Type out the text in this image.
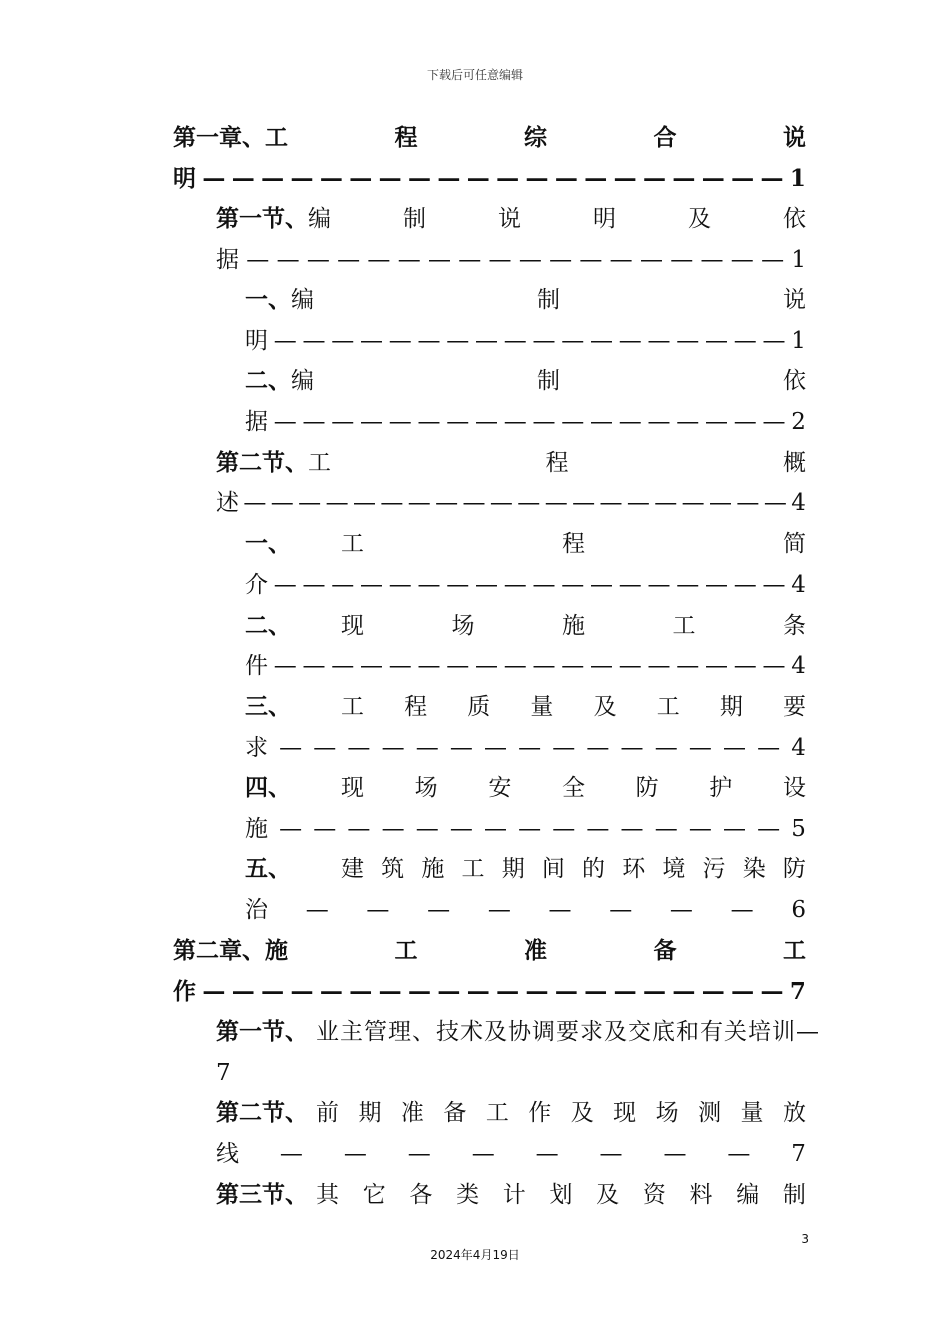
下载后可任意编辑
第一章、 工	程	综	合	说
明 — — — — — — — — — — — — — — — — — — — — 1
第一节、 编	制	说	明	及	依
据 — — — — — — — — — — — — — — — — — — 1
一、 编	制	说
明 — — — — — — — — — — — — — — — — — — 1
二、 编	制	依
据 — — — — — — — — — — — — — — — — — — 2
第二节、 工	程	概
述 — — — — — — — — — — — — — — — — — — — — 4
一、 工	程	简
介 — — — — — — — — — — — — — — — — — — 4
二、 现	场	施	工	条
件 — — — — — — — — — — — — — — — — — — 4
三、 工 程 质 量 及 工 期 要
求 — — — — — — — — — — — — — — — 4
四、 现 场 安 全 防 护 设
施 — — — — — — — — — — — — — — — 5
五、 建 筑 施 工 期 间 的 环 境 污 染 防
治 — — — — — — — — 6
第二章、 施	工	准	备	工
作 — — — — — — — — — — — — — — — — — — — — 7
第一节、 业主管理、技术及协调要求及交底和有关培训—
7
第二节、 前 期 准 备 工 作 及 现 场 测 量 放
线 — — — — — — — — 7
第三节、 其 它 各 类 计 划 及 资 料 编 制
3
2024年4月19日
